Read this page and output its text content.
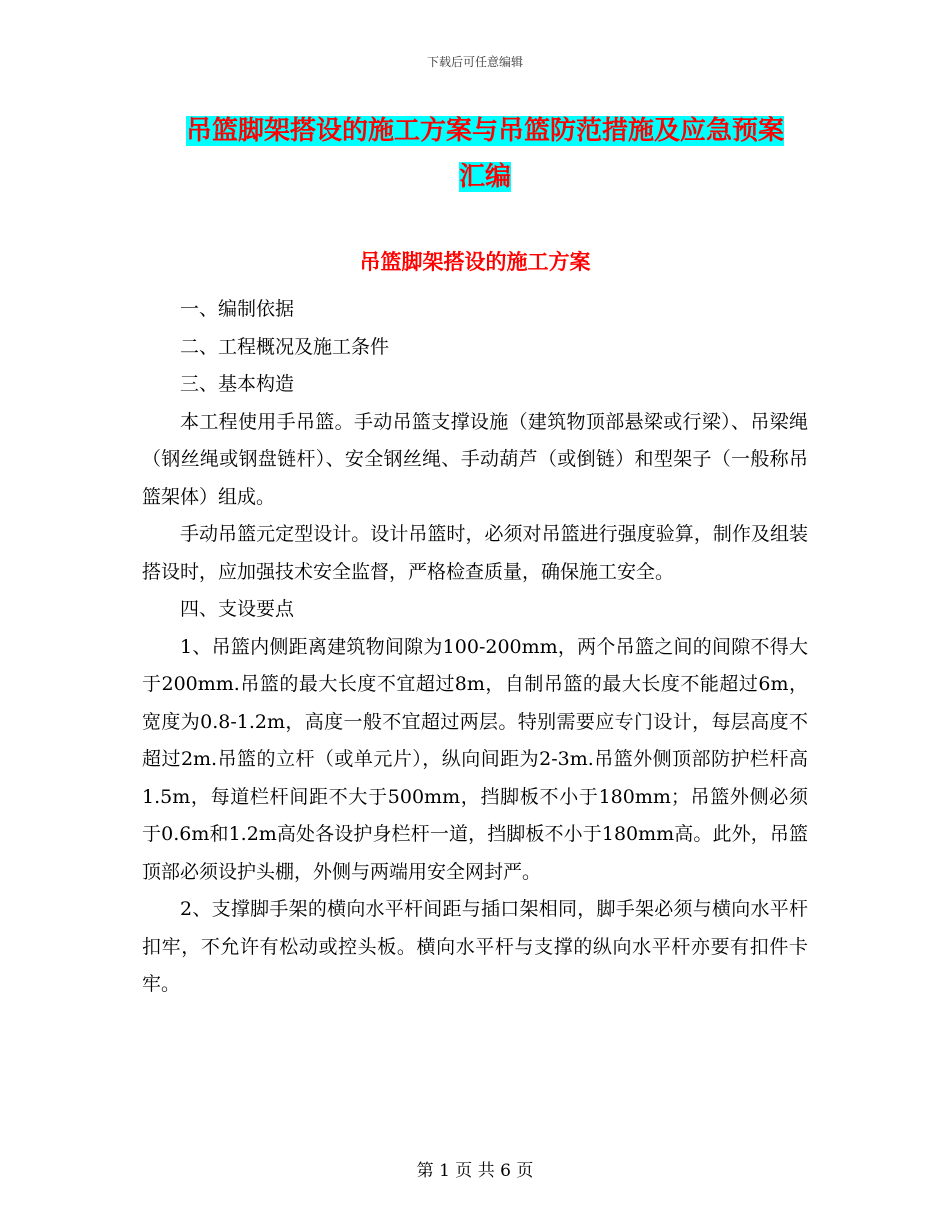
下载后可任意编辑
吊篮脚架搭设的施工方案与吊篮防范措施及应急预案
汇编
吊篮脚架搭设的施工方案

一、编制依据

二、工程概况及施工条件

三、基本构造

本工程使用手吊篮。手动吊篮支撑设施（建筑物顶部悬梁或行梁）、吊梁绳（钢丝绳或钢盘链杆）、安全钢丝绳、手动葫芦（或倒链）和型架子（一般称吊篮架体）组成。

手动吊篮元定型设计。设计吊篮时，必须对吊篮进行强度验算，制作及组装搭设时，应加强技术安全监督，严格检查质量，确保施工安全。

四、支设要点

1、吊篮内侧距离建筑物间隙为100-200mm，两个吊篮之间的间隙不得大于200mm.吊篮的最大长度不宜超过8m，自制吊篮的最大长度不能超过6m，宽度为0.8-1.2m，高度一般不宜超过两层。特别需要应专门设计，每层高度不超过2m.吊篮的立杆（或单元片），纵向间距为2-3m.吊篮外侧顶部防护栏杆高1.5m，每道栏杆间距不大于500mm，挡脚板不小于180mm；吊篮外侧必须于0.6m和1.2m高处各设护身栏杆一道，挡脚板不小于180mm高。此外，吊篮顶部必须设护头棚，外侧与两端用安全网封严。

2、支撑脚手架的横向水平杆间距与插口架相同，脚手架必须与横向水平杆扣牢，不允许有松动或控头板。横向水平杆与支撑的纵向水平杆亦要有扣件卡牢。

第 1 页 共 6 页
